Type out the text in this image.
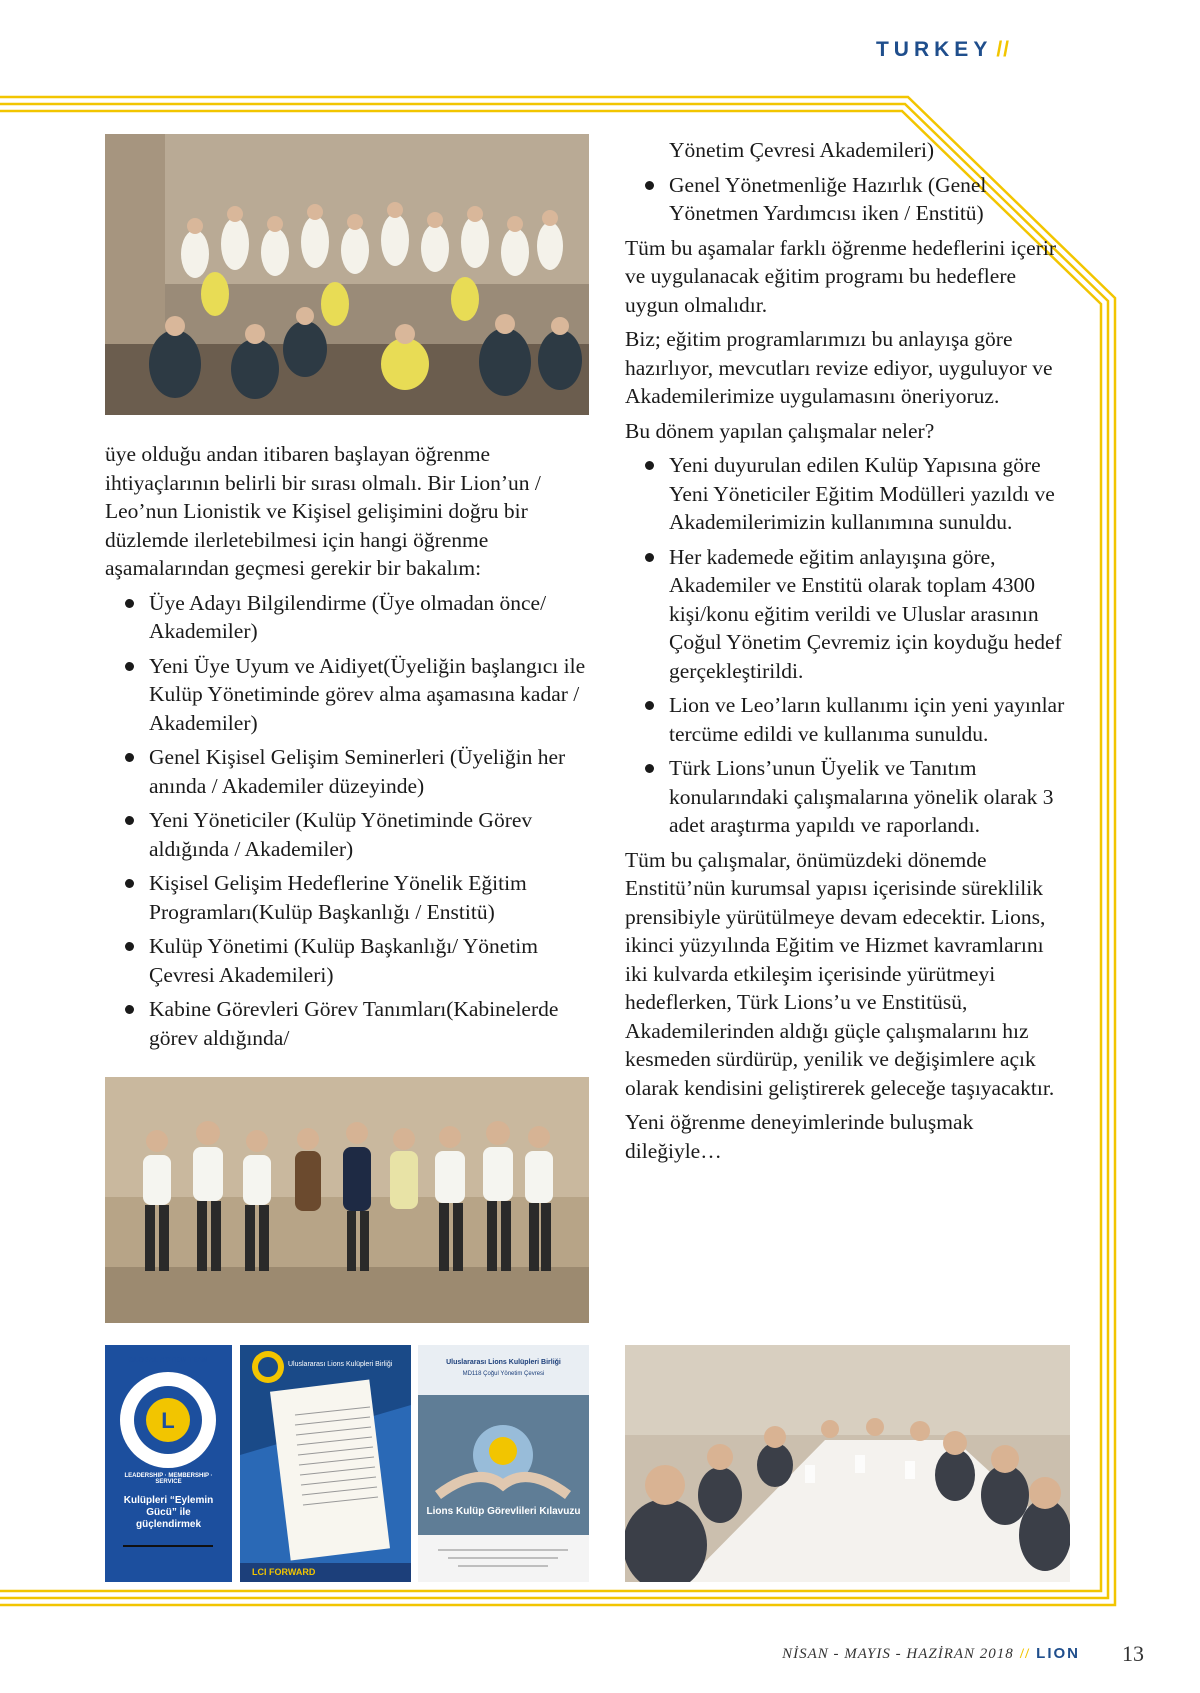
TURKEY //

üye olduğu andan itibaren başlayan öğrenme ihtiyaçlarının belirli bir sırası olmalı. Bir Lion’un / Leo’nun Lionistik ve Kişisel gelişimini doğru bir düzlemde ilerletebilmesi için hangi öğrenme aşamalarından geçmesi gerekir bir bakalım:

Üye Adayı Bilgilendirme (Üye olmadan önce/ Akademiler)
Yeni Üye Uyum ve Aidiyet(Üyeliğin başlangıcı ile Kulüp Yönetiminde görev alma aşamasına kadar / Akademiler)
Genel Kişisel Gelişim Seminerleri (Üyeliğin her anında / Akademiler düzeyinde)
Yeni Yöneticiler (Kulüp Yönetiminde Görev aldığında / Akademiler)
Kişisel Gelişim Hedeflerine Yönelik Eğitim Programları(Kulüp Başkanlığı / Enstitü)
Kulüp Yönetimi (Kulüp Başkanlığı/ Yönetim Çevresi Akademileri)
Kabine Görevleri Görev Tanımları(Kabinelerde görev aldığında/
L
GLOBAL ACTION TEAM
LEADERSHIP · MEMBERSHIP · SERVICE
Kulüpleri “Eylemin Gücü” ile güçlendirmek
Uluslararası Lions Kulüpleri Birliği
LCI FORWARD
Uluslararası Lions Kulüpleri Birliği
MD118 Çoğul Yönetim Çevresi
Lions Kulüp Görevlileri Kılavuzu
Yönetim Çevresi Akademileri)
Genel Yönetmenliğe Hazırlık (Genel Yönetmen Yardımcısı iken / Enstitü)

Tüm bu aşamalar farklı öğrenme hedeflerini içerir ve uygulanacak eğitim programı bu hedeflere uygun olmalıdır.

Biz; eğitim programlarımızı bu anlayışa göre hazırlıyor, mevcutları revize ediyor, uyguluyor ve Akademilerimize uygulamasını öneriyoruz.

Bu dönem yapılan çalışmalar neler?

Yeni duyurulan edilen Kulüp Yapısına göre Yeni Yöneticiler Eğitim Modülleri yazıldı ve Akademilerimizin kullanımına sunuldu.
Her kademede eğitim anlayışına göre, Akademiler ve Enstitü olarak toplam 4300 kişi/konu eğitim verildi ve Uluslar arasının Çoğul Yönetim Çevremiz için koyduğu hedef gerçekleştirildi.
Lion ve Leo’ların kullanımı için yeni yayınlar tercüme edildi ve kullanıma sunuldu.
Türk Lions’unun Üyelik ve Tanıtım konularındaki çalışmalarına yönelik olarak 3 adet araştırma yapıldı ve raporlandı.

Tüm bu çalışmalar, önümüzdeki dönemde Enstitü’nün kurumsal yapısı içerisinde süreklilik prensibiyle yürütülmeye devam edecektir. Lions, ikinci yüzyılında Eğitim ve Hizmet kavramlarını iki kulvarda etkileşim içerisinde yürütmeyi hedeflerken, Türk Lions’u ve Enstitüsü, Akademilerinden aldığı güçle çalışmalarını hız kesmeden sürdürüp, yenilik ve değişimlere açık olarak kendisini geliştirerek geleceğe taşıyacaktır.

Yeni öğrenme deneyimlerinde buluşmak dileğiyle…

NİSAN - MAYIS - HAZİRAN 2018 // LION 13
